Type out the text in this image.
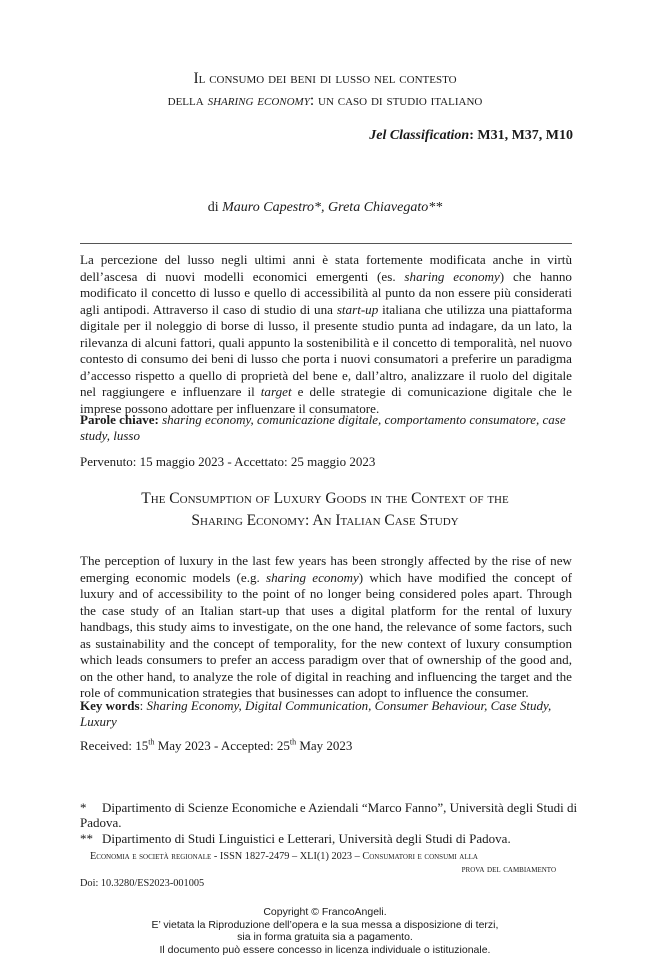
Il consumo dei beni di lusso nel contesto
della sharing economy: un caso di studio italiano
Jel Classification: M31, M37, M10
di Mauro Capestro*, Greta Chiavegato**
La percezione del lusso negli ultimi anni è stata fortemente modificata anche in virtù dell’ascesa di nuovi modelli economici emergenti (es. sharing economy) che hanno modificato il concetto di lusso e quello di accessibilità al punto da non essere più considerati agli antipodi. Attraverso il caso di studio di una start-up italiana che utilizza una piattaforma digitale per il noleggio di borse di lusso, il presente studio punta ad indagare, da un lato, la rilevanza di alcuni fattori, quali appunto la sostenibilità e il concetto di temporalità, nel nuovo contesto di consumo dei beni di lusso che porta i nuovi consumatori a preferire un paradigma d’accesso rispetto a quello di proprietà del bene e, dall’altro, analizzare il ruolo del digitale nel raggiungere e influenzare il target e delle strategie di comunicazione digitale che le imprese possono adottare per influenzare il consumatore.
Parole chiave: sharing economy, comunicazione digitale, comportamento consumatore, case study, lusso
Pervenuto: 15 maggio 2023 - Accettato: 25 maggio 2023
The Consumption of Luxury Goods in the Context of the
Sharing Economy: An Italian Case Study
The perception of luxury in the last few years has been strongly affected by the rise of new emerging economic models (e.g. sharing economy) which have modified the concept of luxury and of accessibility to the point of no longer being considered poles apart. Through the case study of an Italian start-up that uses a digital platform for the rental of luxury handbags, this study aims to investigate, on the one hand, the relevance of some factors, such as sustainability and the concept of temporality, for the new context of luxury consumption which leads consumers to prefer an access paradigm over that of ownership of the good and, on the other hand, to analyze the role of digital in reaching and influencing the target and the role of communication strategies that businesses can adopt to influence the consumer.
Key words: Sharing Economy, Digital Communication, Consumer Behaviour, Case Study, Luxury
Received: 15th May 2023 - Accepted: 25th May 2023
* Dipartimento di Scienze Economiche e Aziendali “Marco Fanno”, Università degli Studi di Padova.
** Dipartimento di Studi Linguistici e Letterari, Università degli Studi di Padova.
Economia e società regionale - ISSN 1827-2479 – XLI(1) 2023 – Consumatori e consumi alla
prova del cambiamento
Doi: 10.3280/ES2023-001005
Copyright © FrancoAngeli.
E’ vietata la Riproduzione dell’opera e la sua messa a disposizione di terzi,
sia in forma gratuita sia a pagamento.
Il documento può essere concesso in licenza individuale o istituzionale.
